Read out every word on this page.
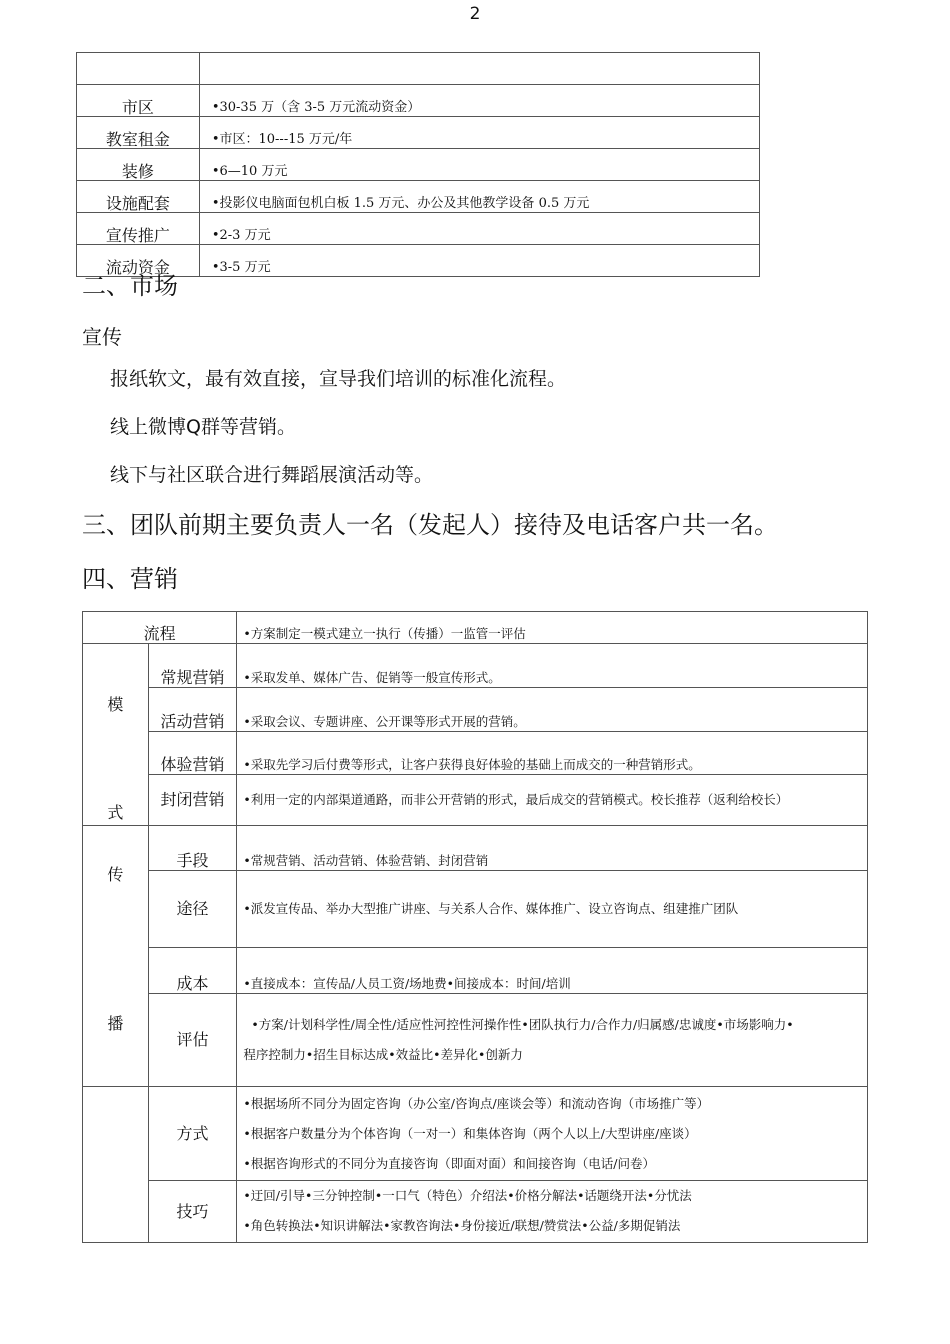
2

市区	•30-35 万（含 3-5 万元流动资金）
教室租金	•市区：10---15 万元/年
装修	•6—10 万元
设施配套	•投影仪电脑面包机白板 1.5 万元、办公及其他教学设备 0.5 万元
宣传推广	•2-3 万元
流动资金	•3-5 万元
二、市场
宣传
报纸软文，最有效直接，宣导我们培训的标准化流程。
线上微博Q群等营销。
线下与社区联合进行舞蹈展演活动等。
三、团队前期主要负责人一名（发起人）接待及电话客户共一名。
四、营销
流程		•方案制定一模式建立一执行（传播）一监管一评估

模
式	常规营销	•采取发单、媒体广告、促销等一般宣传形式。
	活动营销	•采取会议、专题讲座、公开课等形式开展的营销。
	体验营销	•采取先学习后付费等形式，让客户获得良好体验的基础上而成交的一种营销形式。
	封闭营销	•利用一定的内部渠道通路，而非公开营销的形式，最后成交的营销模式。校长推荐（返利给校长）

传
播	手段	•常规营销、活动营销、体验营销、封闭营销
	途径	•派发宣传品、举办大型推广讲座、与关系人合作、媒体推广、设立咨询点、组建推广团队
	成本	•直接成本：宣传品/人员工资/场地费•间接成本：时间/培训
	评估	•方案/计划科学性/周全性/适应性河控性河操作性•团队执行力/合作力/归属感/忠诚度•市场影响力•
程序控制力•招生目标达成•效益比•差异化•创新力

	方式	•根据场所不同分为固定咨询（办公室/咨询点/座谈会等）和流动咨询（市场推广等）
•根据客户数量分为个体咨询（一对一）和集体咨询（两个人以上/大型讲座/座谈）
•根据咨询形式的不同分为直接咨询（即面对面）和间接咨询（电话/问卷）

	技巧	•迂回/引导•三分钟控制•一口气（特色）介绍法•价格分解法•话题绕开法•分忧法
•角色转换法•知识讲解法•家教咨询法•身份接近/联想/赞赏法•公益/多期促销法
